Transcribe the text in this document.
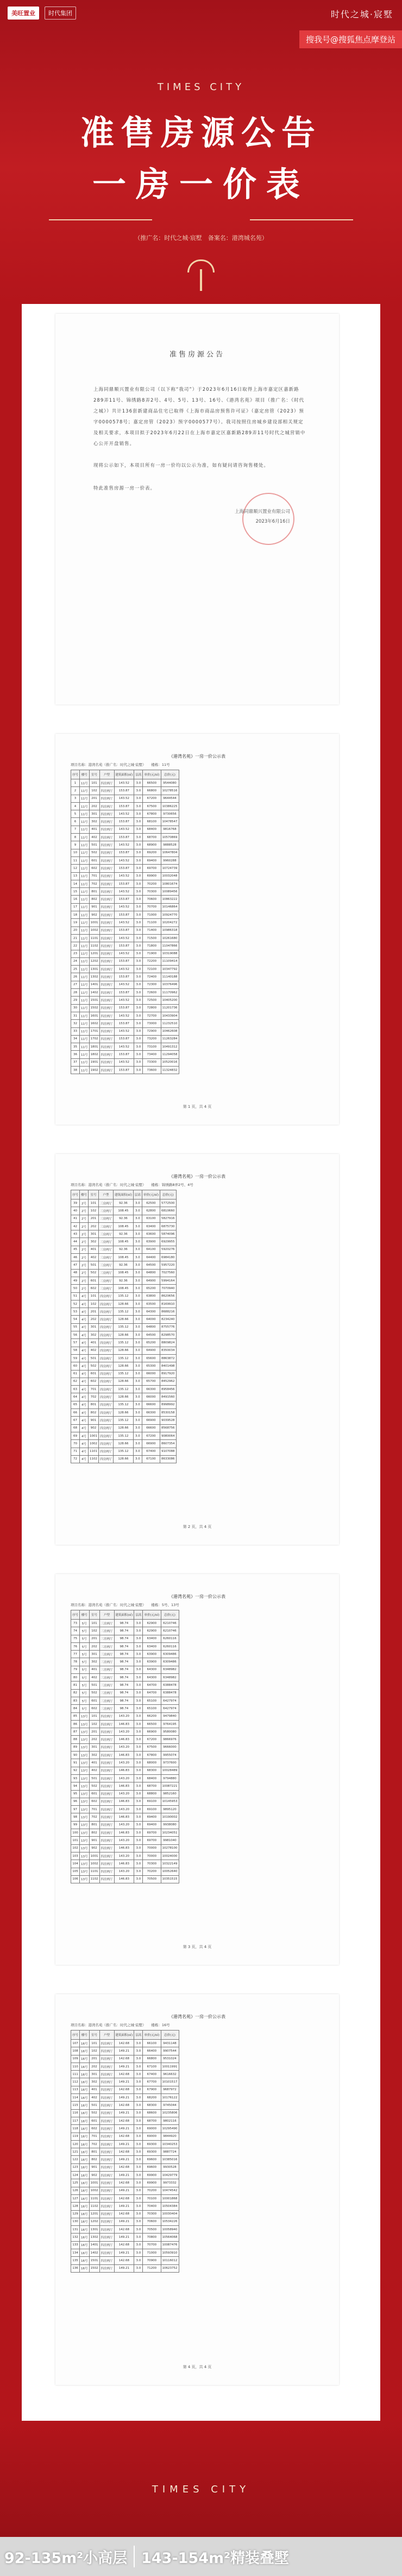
美旺置业	时代集团	时代之城·宸墅
搜我号@搜狐焦点摩登站
TIMES CITY
准售房源公告
一房一价表
（推广名：时代之城·宸墅　备案名：港湾城名苑）
准售房源公告
上海同鼎顺兴置业有限公司（以下称“我司”）于2023年6月16日取得上海市嘉定区嘉新路289弄11号、锦绣路8弄2号、4号、5号、13号、16号、《港湾名苑》项目（推广名：《时代之城》）共计136套新建商品住宅已取得《上海市商品房预售许可证》（嘉定房管（2023）预字0000578号；嘉定房管（2023）预字0000577号）。我司按照住房城乡建设部相关规定及相关要求，本项目拟于2023年6月22日在上海市嘉定区嘉新路289弄11号时代之城营销中心公开开盘销售。
现将公示如下，本项目所有一房一价均以公示为准，如有疑问请咨询售楼处。
特此准售房源一房一价表。
上海同鼎顺兴置业有限公司
2023年6月16日
《港湾名苑》一房一价公示表
项目名称：港湾名苑（推广名：时代之城·宸墅）　　楼栋：11号
序号	楼号	室号	户型	建筑面积(㎡)	层高	单价(元/㎡)	总价(元)
1	11号	101	四房两厅	143.52	3.0	66500	9544080
2	11号	102	四房两厅	153.87	3.0	66800	10278516
3	11号	201	四房两厅	143.52	3.0	67200	9644544
4	11号	202	四房两厅	153.87	3.0	67500	10386225
5	11号	301	四房两厅	143.52	3.0	67800	9730656
6	11号	302	四房两厅	153.87	3.0	68100	10478547
7	11号	401	四房两厅	143.52	3.0	68400	9816768
8	11号	402	四房两厅	153.87	3.0	68700	10570869
9	11号	501	四房两厅	143.52	3.0	68900	9888528
10	11号	502	四房两厅	153.87	3.0	69200	10647804
11	11号	601	四房两厅	143.52	3.0	69400	9960288
12	11号	602	四房两厅	153.87	3.0	69700	10724739
13	11号	701	四房两厅	143.52	3.0	69900	10032048
14	11号	702	四房两厅	153.87	3.0	70200	10801674
15	11号	801	四房两厅	143.52	3.0	70300	10089456
16	11号	802	四房两厅	153.87	3.0	70600	10863222
17	11号	901	四房两厅	143.52	3.0	70700	10146864
18	11号	902	四房两厅	153.87	3.0	71000	10924770
19	11号	1001	四房两厅	143.52	3.0	71100	10204272
20	11号	1002	四房两厅	153.87	3.0	71400	10986318
21	11号	1101	四房两厅	143.52	3.0	71500	10261680
22	11号	1102	四房两厅	153.87	3.0	71800	11047866
23	11号	1201	四房两厅	143.52	3.0	71900	10319088
24	11号	1202	四房两厅	153.87	3.0	72200	11109414
25	11号	1301	四房两厅	143.52	3.0	72100	10347792
26	11号	1302	四房两厅	153.87	3.0	72400	11140188
27	11号	1401	四房两厅	143.52	3.0	72300	10376496
28	11号	1402	四房两厅	153.87	3.0	72600	11170962
29	11号	1501	四房两厅	143.52	3.0	72500	10405200
30	11号	1502	四房两厅	153.87	3.0	72800	11201736
31	11号	1601	四房两厅	143.52	3.0	72700	10433904
32	11号	1602	四房两厅	153.87	3.0	73000	11232510
33	11号	1701	四房两厅	143.52	3.0	72900	10462608
34	11号	1702	四房两厅	153.87	3.0	73200	11263284
35	11号	1801	四房两厅	143.52	3.0	73100	10491312
36	11号	1802	四房两厅	153.87	3.0	73400	11294058
37	11号	1901	四房两厅	143.52	3.0	73300	10520016
38	11号	1902	四房两厅	153.87	3.0	73600	11324832
第 1 页，共 4 页
《港湾名苑》一房一价公示表
项目名称：港湾名苑（推广名：时代之城·宸墅）　　楼栋：锦绣路8弄2号、4号
序号	楼号	室号	户型	建筑面积(㎡)	层高	单价(元/㎡)	总价(元)
39	2号	101	三房两厅	92.36	3.0	62500	5772500
40	2号	102	三房两厅	108.45	3.0	62800	6810660
41	2号	201	三房两厅	92.36	3.0	63100	5827916
42	2号	202	三房两厅	108.45	3.0	63400	6875730
43	2号	301	三房两厅	92.36	3.0	63600	5874096
44	2号	302	三房两厅	108.45	3.0	63900	6929955
45	2号	401	三房两厅	92.36	3.0	64100	5920276
46	2号	402	三房两厅	108.45	3.0	64400	6984180
47	2号	501	三房两厅	92.36	3.0	64500	5957220
48	2号	502	三房两厅	108.45	3.0	64800	7027560
49	2号	601	三房两厅	92.36	3.0	64900	5994164
50	2号	602	三房两厅	108.45	3.0	65200	7070940
51	4号	101	四房两厅	135.12	3.0	63800	8620656
52	4号	102	四房两厅	128.66	3.0	63500	8169910
53	4号	201	四房两厅	135.12	3.0	64300	8688216
54	4号	202	四房两厅	128.66	3.0	64000	8234240
55	4号	301	四房两厅	135.12	3.0	64800	8755776
56	4号	302	四房两厅	128.66	3.0	64500	8298570
57	4号	401	四房两厅	135.12	3.0	65200	8809824
58	4号	402	四房两厅	128.66	3.0	64900	8350034
59	4号	501	四房两厅	135.12	3.0	65600	8863872
60	4号	502	四房两厅	128.66	3.0	65300	8401498
61	4号	601	四房两厅	135.12	3.0	66000	8917920
62	4号	602	四房两厅	128.66	3.0	65700	8452962
63	4号	701	四房两厅	135.12	3.0	66300	8958456
64	4号	702	四房两厅	128.66	3.0	66000	8491560
65	4号	801	四房两厅	135.12	3.0	66600	8998992
66	4号	802	四房两厅	128.66	3.0	66300	8530158
67	4号	901	四房两厅	135.12	3.0	66900	9039528
68	4号	902	四房两厅	128.66	3.0	66600	8568756
69	4号	1001	四房两厅	135.12	3.0	67200	9080064
70	4号	1002	四房两厅	128.66	3.0	66900	8607354
71	4号	1101	四房两厅	135.12	3.0	67400	9107088
72	4号	1102	四房两厅	128.66	3.0	67100	8633086
第 2 页，共 4 页
《港湾名苑》一房一价公示表
项目名称：港湾名苑（推广名：时代之城·宸墅）　　楼栋：5号、13号
序号	楼号	室号	户型	建筑面积(㎡)	层高	单价(元/㎡)	总价(元)
73	5号	101	三房两厅	98.74	3.0	62900	6210746
74	5号	102	三房两厅	98.74	3.0	62900	6210746
75	5号	201	三房两厅	98.74	3.0	63400	6260116
76	5号	202	三房两厅	98.74	3.0	63400	6260116
77	5号	301	三房两厅	98.74	3.0	63900	6309486
78	5号	302	三房两厅	98.74	3.0	63900	6309486
79	5号	401	三房两厅	98.74	3.0	64300	6348982
80	5号	402	三房两厅	98.74	3.0	64300	6348982
81	5号	501	三房两厅	98.74	3.0	64700	6388478
82	5号	502	三房两厅	98.74	3.0	64700	6388478
83	5号	601	三房两厅	98.74	3.0	65100	6427974
84	5号	602	三房两厅	98.74	3.0	65100	6427974
85	13号	101	四房两厅	143.20	3.0	66200	9479840
86	13号	102	四房两厅	146.83	3.0	66500	9764195
87	13号	201	四房两厅	143.20	3.0	66900	9580080
88	13号	202	四房两厅	146.83	3.0	67200	9866976
89	13号	301	四房两厅	143.20	3.0	67500	9666000
90	13号	302	四房两厅	146.83	3.0	67800	9955074
91	13号	401	四房两厅	143.20	3.0	68000	9737600
92	13号	402	四房两厅	146.83	3.0	68300	10028489
93	13号	501	四房两厅	143.20	3.0	68400	9794880
94	13号	502	四房两厅	146.83	3.0	68700	10087221
95	13号	601	四房两厅	143.20	3.0	68800	9852160
96	13号	602	四房两厅	146.83	3.0	69100	10145953
97	13号	701	四房两厅	143.20	3.0	69100	9895120
98	13号	702	四房两厅	146.83	3.0	69400	10190002
99	13号	801	四房两厅	143.20	3.0	69400	9938080
100	13号	802	四房两厅	146.83	3.0	69700	10234051
101	13号	901	四房两厅	143.20	3.0	69700	9981040
102	13号	902	四房两厅	146.83	3.0	70000	10278100
103	13号	1001	四房两厅	143.20	3.0	70000	10024000
104	13号	1002	四房两厅	146.83	3.0	70300	10322149
105	13号	1101	四房两厅	143.20	3.0	70200	10052640
106	13号	1102	四房两厅	146.83	3.0	70500	10351515
第 3 页，共 4 页
《港湾名苑》一房一价公示表
项目名称：港湾名苑（推广名：时代之城·宸墅）　　楼栋：16号
序号	楼号	室号	户型	建筑面积(㎡)	层高	单价(元/㎡)	总价(元)
107	16号	101	四房两厅	142.68	3.0	66100	9431148
108	16号	102	四房两厅	149.21	3.0	66400	9907544
109	16号	201	四房两厅	142.68	3.0	66800	9531024
110	16号	202	四房两厅	149.21	3.0	67100	10011991
111	16号	301	四房两厅	142.68	3.0	67400	9616632
112	16号	302	四房两厅	149.21	3.0	67700	10101517
113	16号	401	四房两厅	142.68	3.0	67900	9687972
114	16号	402	四房两厅	149.21	3.0	68200	10176122
115	16号	501	四房两厅	142.68	3.0	68300	9745044
116	16号	502	四房两厅	149.21	3.0	68600	10235806
117	16号	601	四房两厅	142.68	3.0	68700	9802116
118	16号	602	四房两厅	149.21	3.0	69000	10295490
119	16号	701	四房两厅	142.68	3.0	69000	9844920
120	16号	702	四房两厅	149.21	3.0	69300	10340253
121	16号	801	四房两厅	142.68	3.0	69300	9887724
122	16号	802	四房两厅	149.21	3.0	69600	10385016
123	16号	901	四房两厅	142.68	3.0	69600	9930528
124	16号	902	四房两厅	149.21	3.0	69900	10429779
125	16号	1001	四房两厅	142.68	3.0	69900	9973332
126	16号	1002	四房两厅	149.21	3.0	70200	10474542
127	16号	1101	四房两厅	142.68	3.0	70100	10001868
128	16号	1102	四房两厅	149.21	3.0	70400	10504384
129	16号	1201	四房两厅	142.68	3.0	70300	10030404
130	16号	1202	四房两厅	149.21	3.0	70600	10534226
131	16号	1301	四房两厅	142.68	3.0	70500	10058940
132	16号	1302	四房两厅	149.21	3.0	70800	10564068
133	16号	1401	四房两厅	142.68	3.0	70700	10087476
134	16号	1402	四房两厅	149.21	3.0	71000	10593910
135	16号	1501	四房两厅	142.68	3.0	70900	10116012
136	16号	1502	四房两厅	149.21	3.0	71200	10623752
第 4 页，共 4 页
TIMES CITY
92-135m²小高层 143-154m²精装叠墅
